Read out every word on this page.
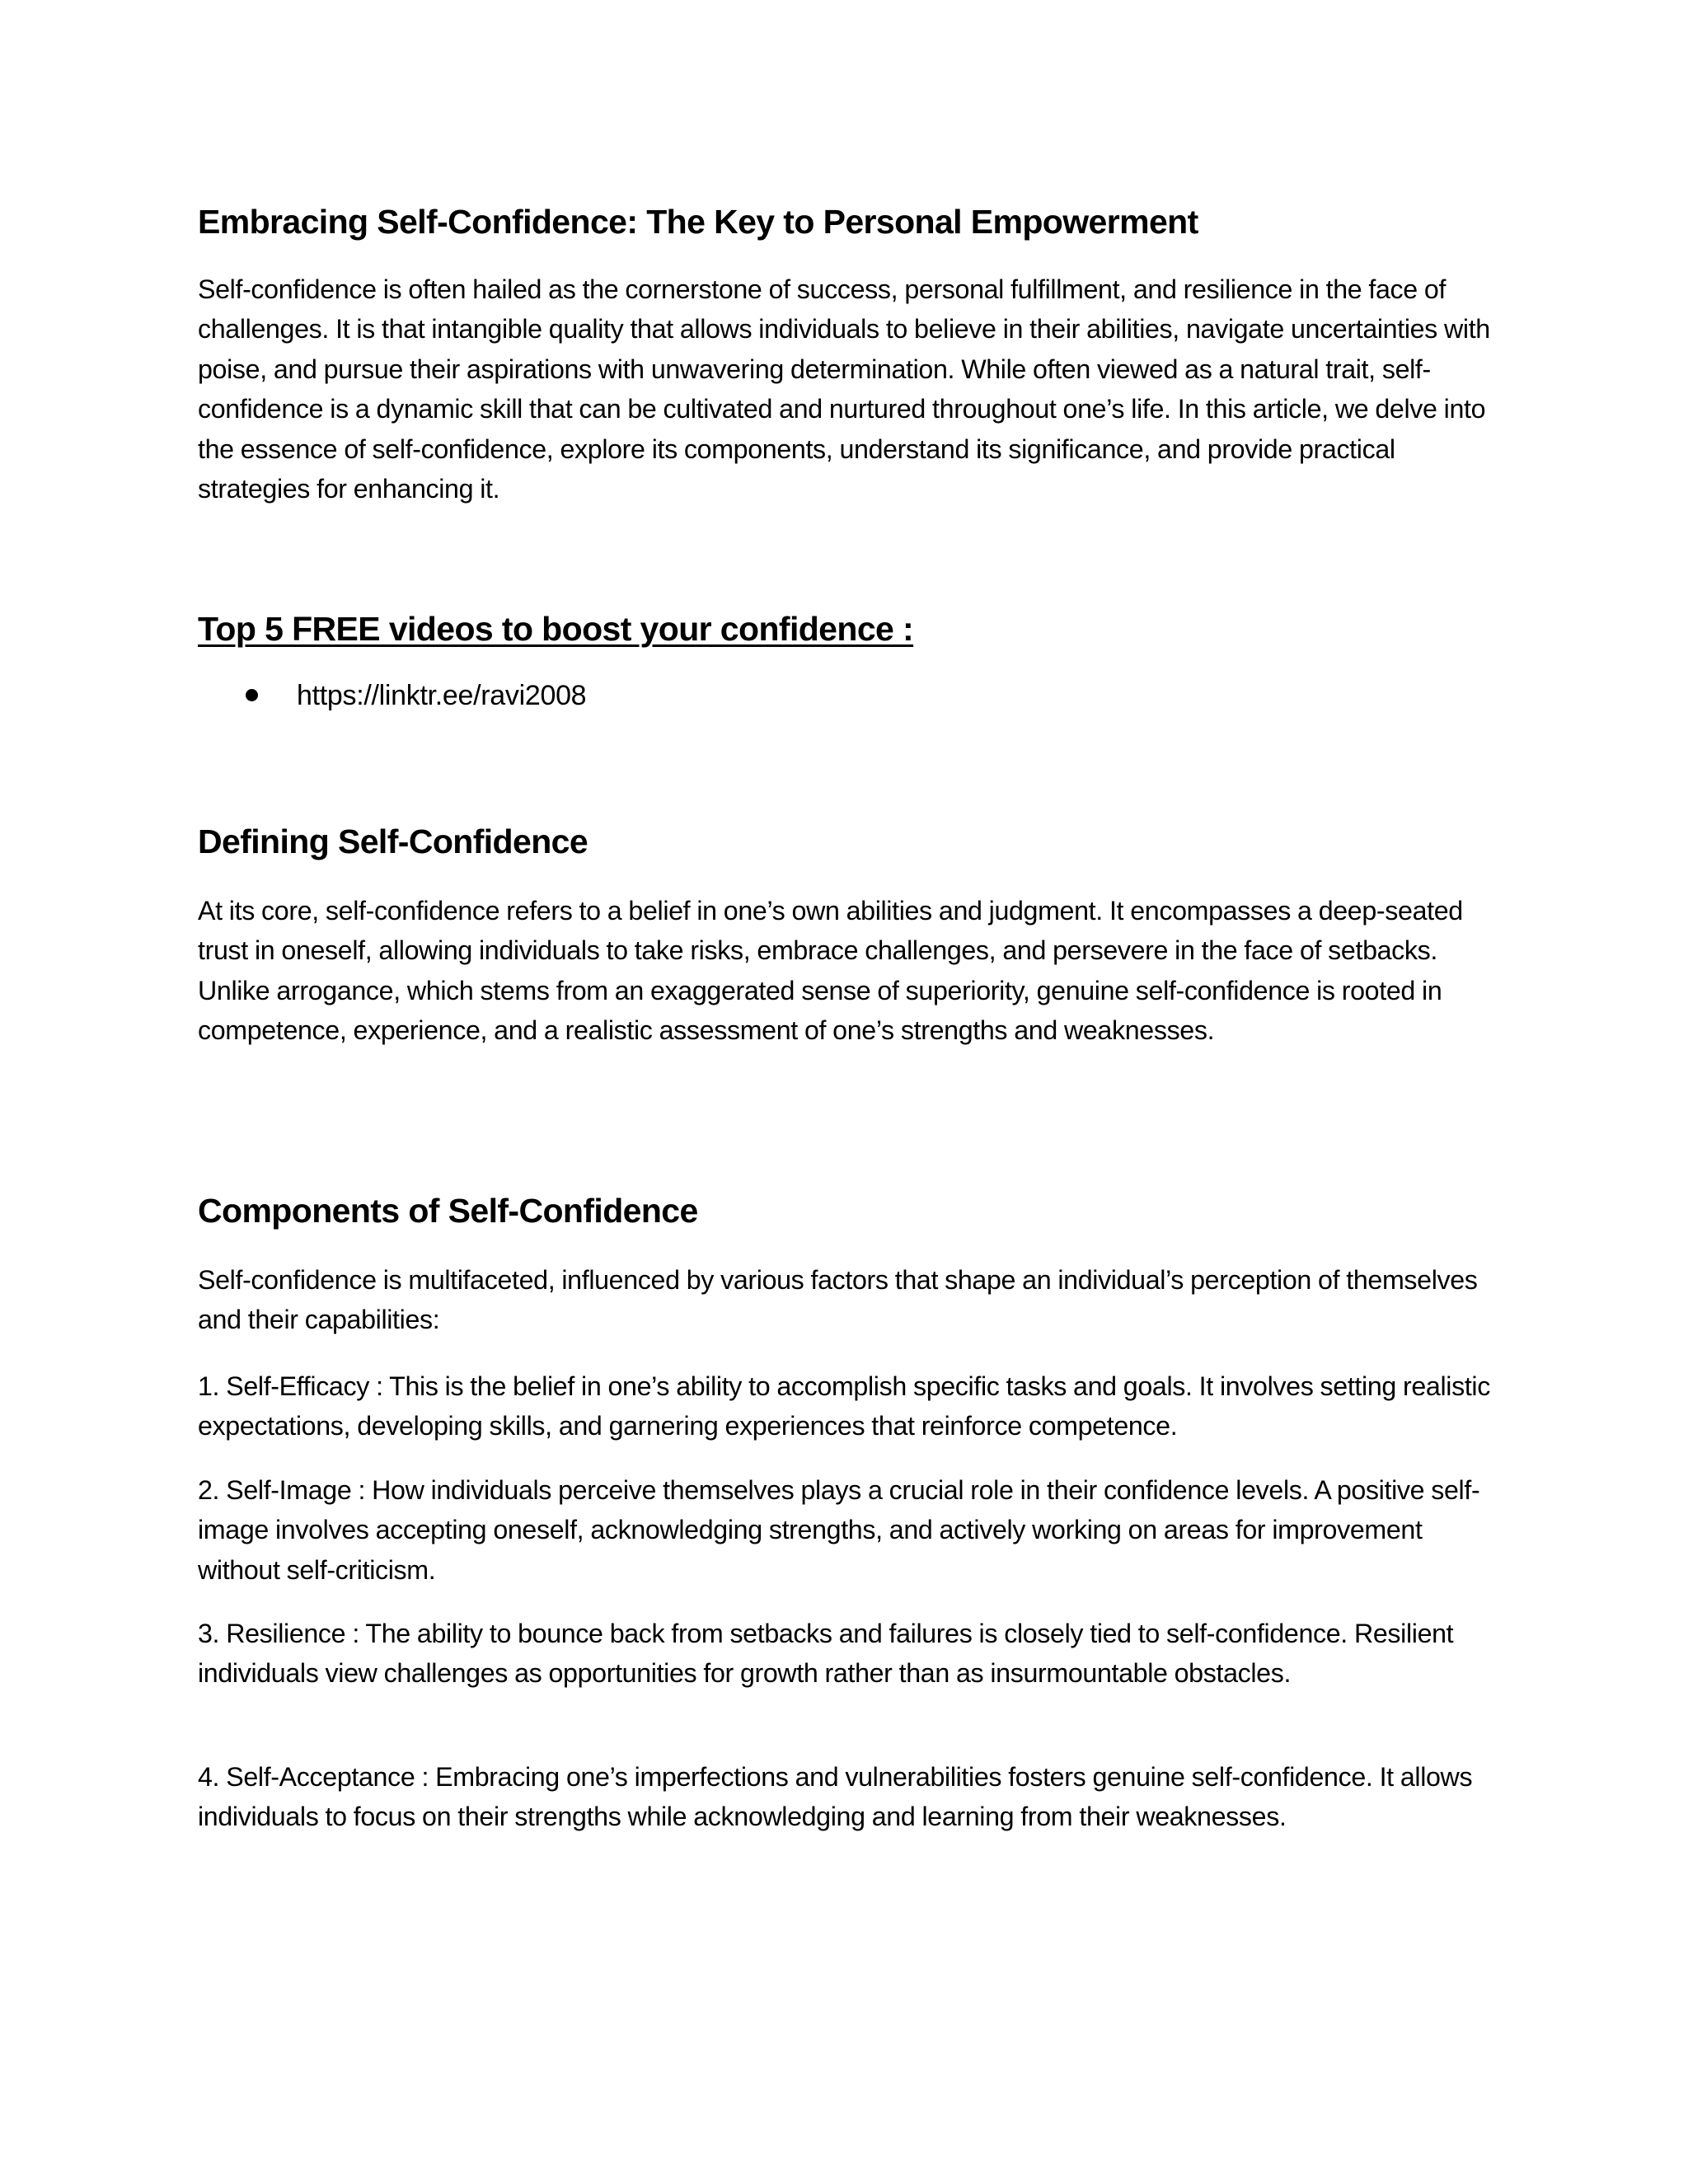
Embracing Self-Confidence: The Key to Personal Empowerment

Self-confidence is often hailed as the cornerstone of success, personal fulfillment, and resilience in the face of challenges. It is that intangible quality that allows individuals to believe in their abilities, navigate uncertainties with poise, and pursue their aspirations with unwavering determination. While often viewed as a natural trait, self-confidence is a dynamic skill that can be cultivated and nurtured throughout one’s life. In this article, we delve into the essence of self-confidence, explore its components, understand its significance, and provide practical strategies for enhancing it.

Top 5 FREE videos to boost your confidence :
https://linktr.ee/ravi2008
Defining Self-Confidence

At its core, self-confidence refers to a belief in one’s own abilities and judgment. It encompasses a deep-seated trust in oneself, allowing individuals to take risks, embrace challenges, and persevere in the face of setbacks. Unlike arrogance, which stems from an exaggerated sense of superiority, genuine self-confidence is rooted in competence, experience, and a realistic assessment of one’s strengths and weaknesses.

Components of Self-Confidence

Self-confidence is multifaceted, influenced by various factors that shape an individual’s perception of themselves and their capabilities:

1. Self-Efficacy : This is the belief in one’s ability to accomplish specific tasks and goals. It involves setting realistic expectations, developing skills, and garnering experiences that reinforce competence.

2. Self-Image : How individuals perceive themselves plays a crucial role in their confidence levels. A positive self-image involves accepting oneself, acknowledging strengths, and actively working on areas for improvement without self-criticism.

3. Resilience : The ability to bounce back from setbacks and failures is closely tied to self-confidence. Resilient individuals view challenges as opportunities for growth rather than as insurmountable obstacles.

4. Self-Acceptance : Embracing one’s imperfections and vulnerabilities fosters genuine self-confidence. It allows individuals to focus on their strengths while acknowledging and learning from their weaknesses.
